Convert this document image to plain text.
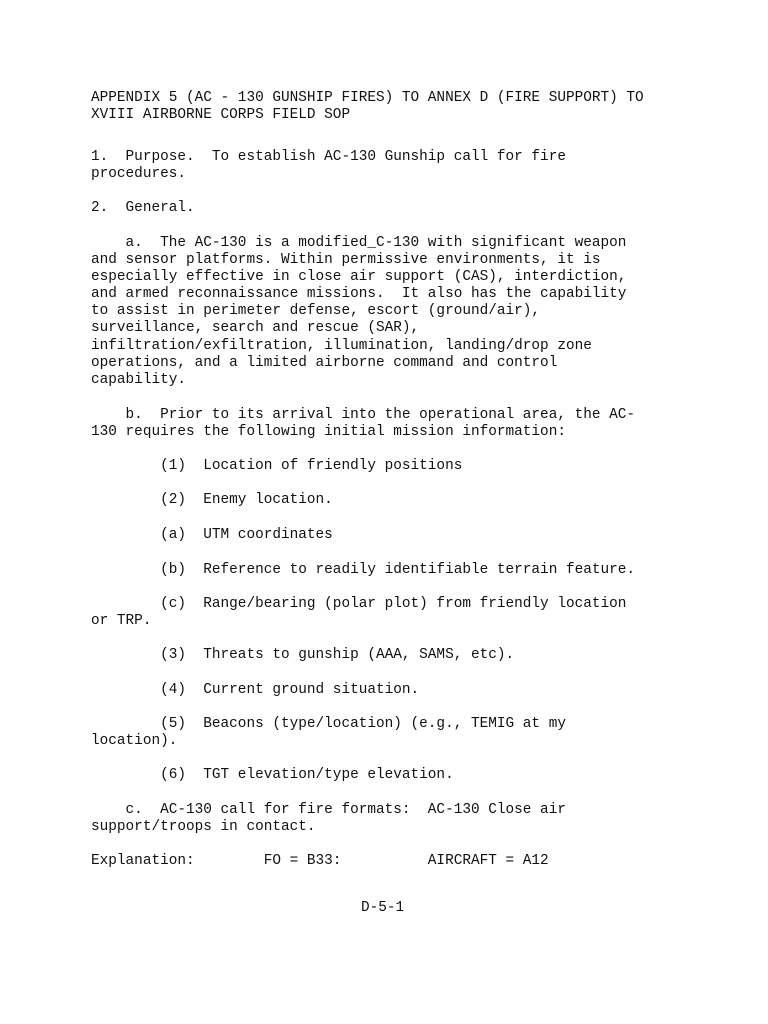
APPENDIX 5 (AC - 130 GUNSHIP FIRES) TO ANNEX D (FIRE SUPPORT) TO

XVIII AIRBORNE CORPS FIELD SOP

1.  Purpose.  To establish AC-130 Gunship call for fire

procedures.

2.  General.

a.  The AC-130 is a modified_C-130 with significant weapon

and sensor platforms. Within permissive environments, it is

especially effective in close air support (CAS), interdiction,

and armed reconnaissance missions.  It also has the capability

to assist in perimeter defense, escort (ground/air),

surveillance, search and rescue (SAR),

infiltration/exfiltration, illumination, landing/drop zone

operations, and a limited airborne command and control

capability.

b.  Prior to its arrival into the operational area, the AC-

130 requires the following initial mission information:

(1)  Location of friendly positions

(2)  Enemy location.

(a)  UTM coordinates

(b)  Reference to readily identifiable terrain feature.

(c)  Range/bearing (polar plot) from friendly location

or TRP.

(3)  Threats to gunship (AAA, SAMS, etc).

(4)  Current ground situation.

(5)  Beacons (type/location) (e.g., TEMIG at my

location).

(6)  TGT elevation/type elevation.

c.  AC-130 call for fire formats:  AC-130 Close air

support/troops in contact.

Explanation:        FO = B33:          AIRCRAFT = A12

D-5-1
